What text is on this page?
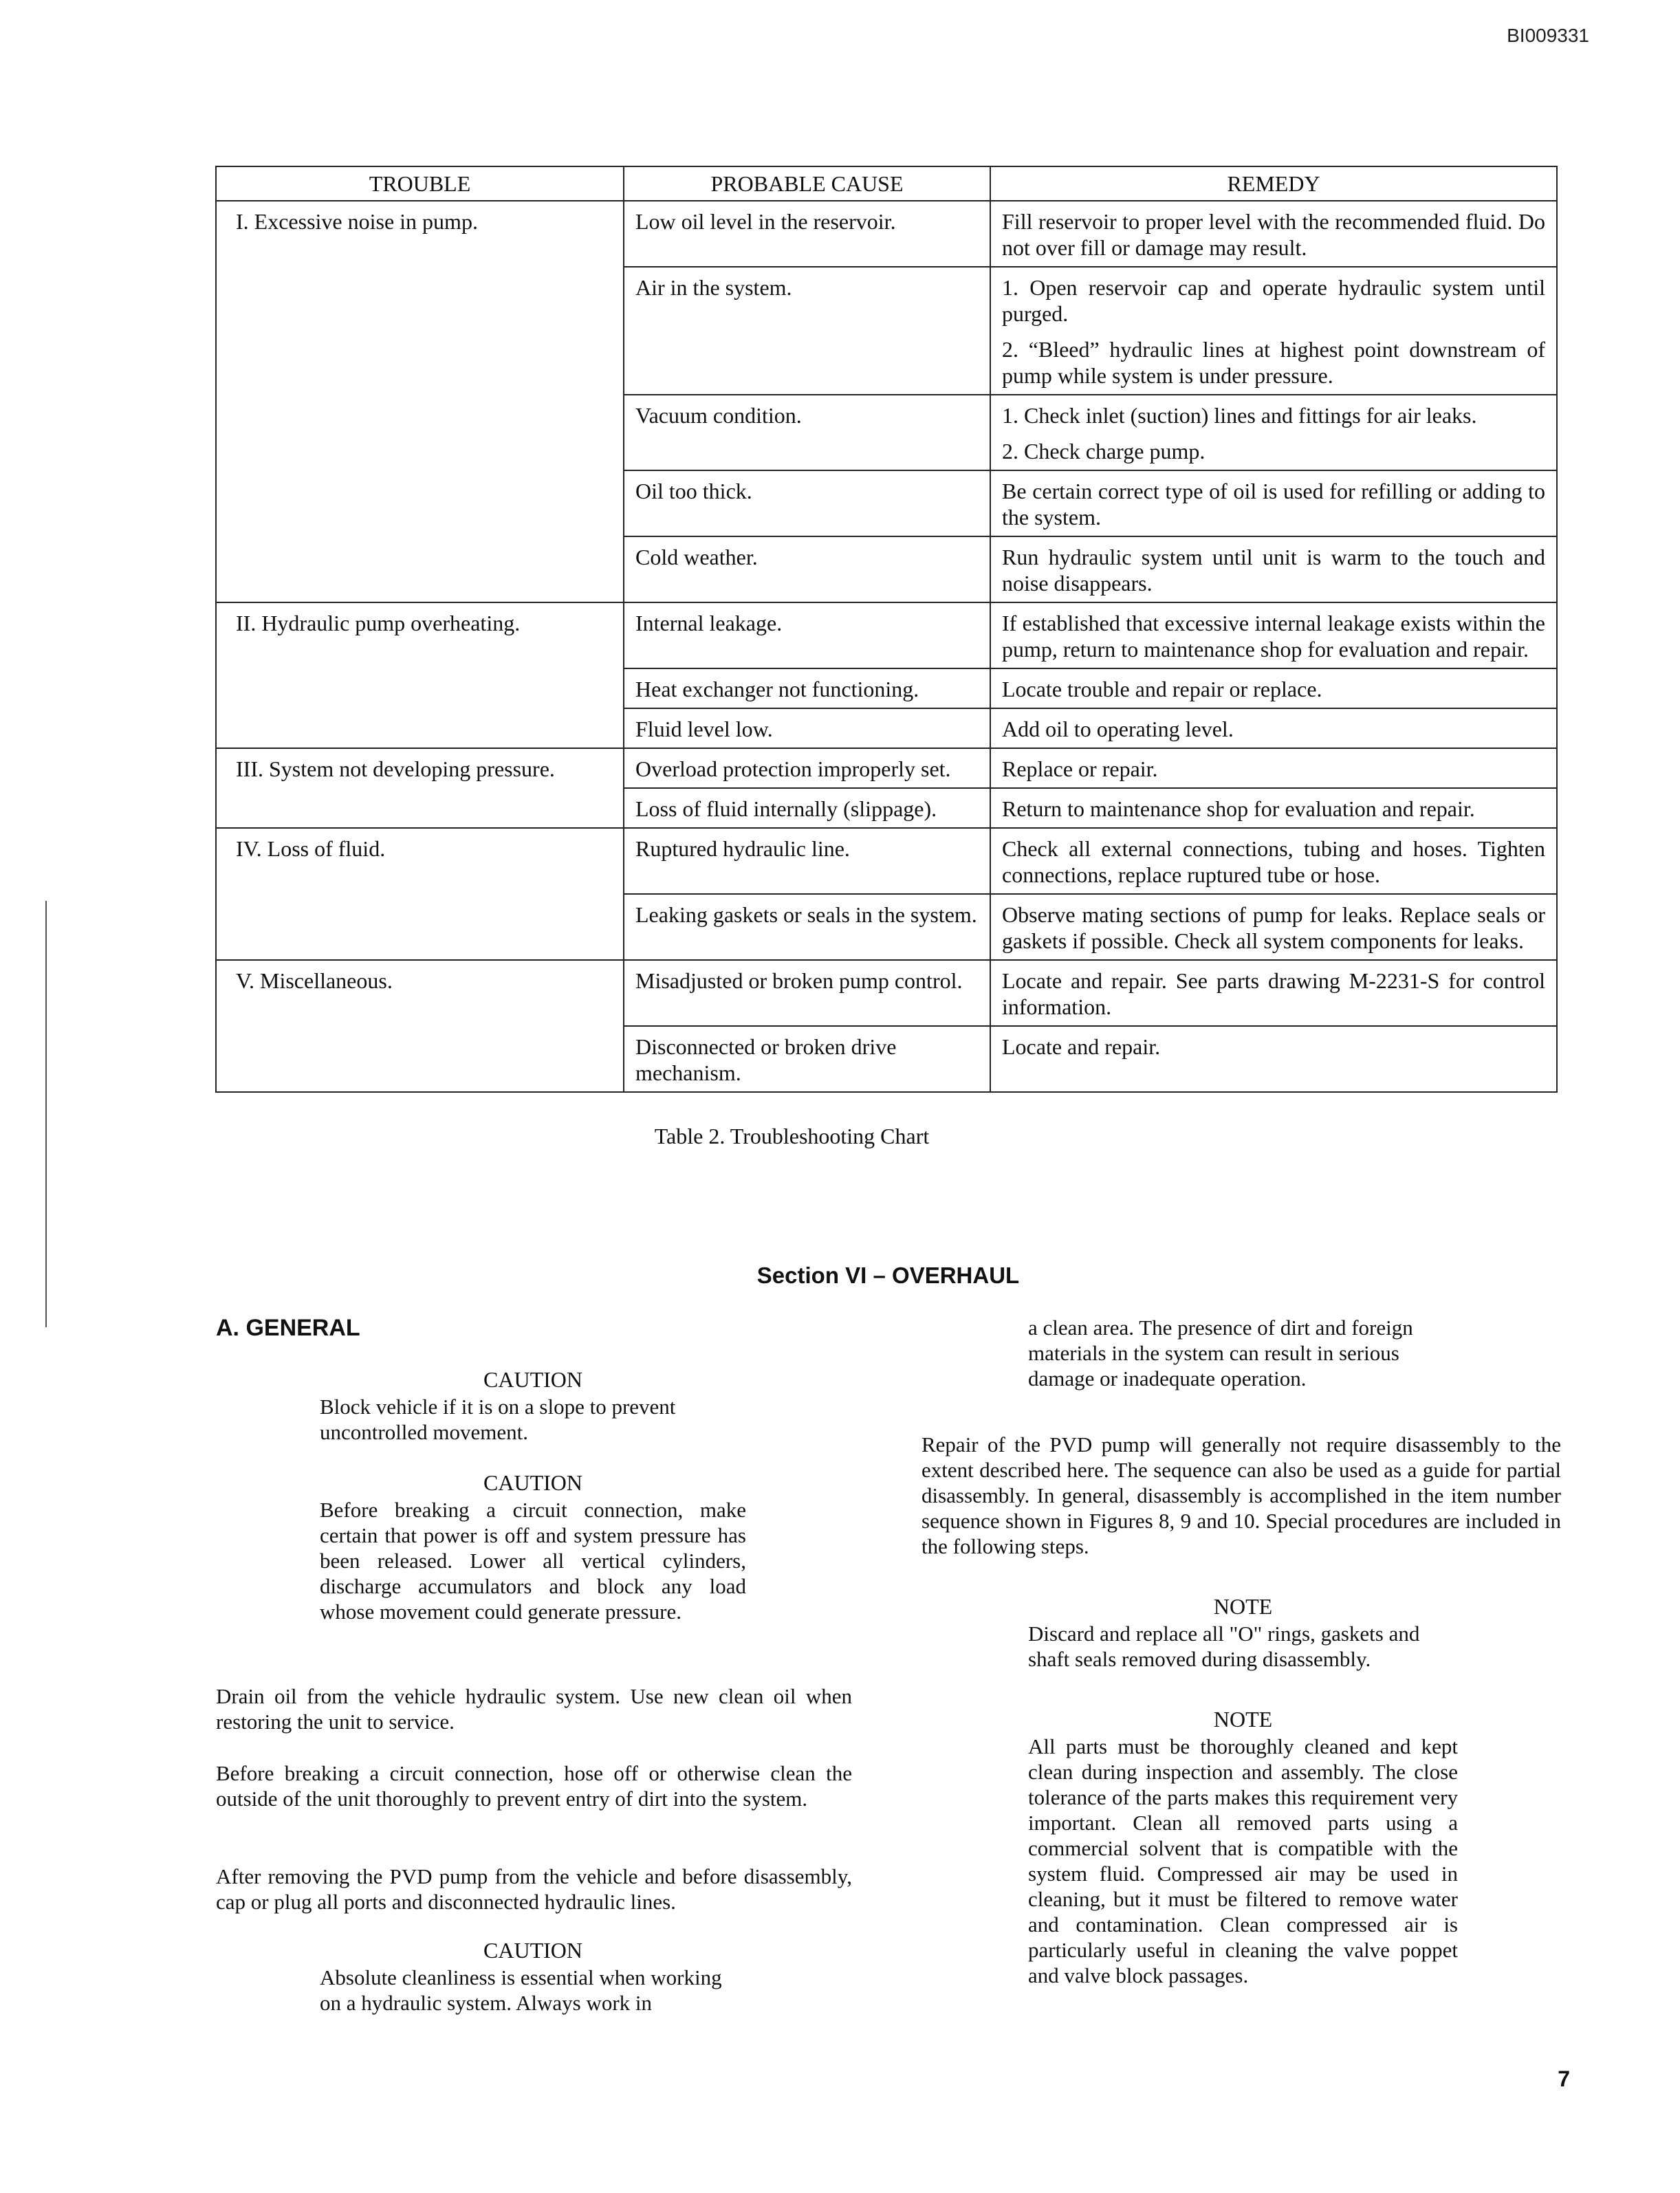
BI009331
TROUBLE	PROBABLE CAUSE	REMEDY
I. Excessive noise in pump.	Low oil level in the reservoir.	Fill reservoir to proper level with the recommended fluid. Do not over fill or damage may result.

	Air in the system.	1. Open reservoir cap and operate hydraulic system until purged.
2. “Bleed” hydraulic lines at highest point downstream of pump while system is under pressure.

	Vacuum condition.	1. Check inlet (suction) lines and fittings for air leaks.
2. Check charge pump.

	Oil too thick.	Be certain correct type of oil is used for refilling or adding to the system.

	Cold weather.	Run hydraulic system until unit is warm to the touch and noise disappears.

II. Hydraulic pump overheating.	Internal leakage.	If established that excessive internal leakage exists within the pump, return to maintenance shop for evaluation and repair.

	Heat exchanger not functioning.	Locate trouble and repair or replace.

	Fluid level low.	Add oil to operating level.

III. System not developing pressure.	Overload protection improperly set.	Replace or repair.

	Loss of fluid internally (slippage).	Return to maintenance shop for evaluation and repair.

IV. Loss of fluid.	Ruptured hydraulic line.	Check all external connections, tubing and hoses. Tighten connections, replace ruptured tube or hose.

	Leaking gaskets or seals in the system.	Observe mating sections of pump for leaks. Replace seals or gaskets if possible. Check all system components for leaks.

V. Miscellaneous.	Misadjusted or broken pump control.	Locate and repair. See parts drawing M-2231-S for control information.

	Disconnected or broken drive mechanism.	Locate and repair.
Table 2. Troubleshooting Chart
Section VI – OVERHAUL
A. GENERAL
CAUTION
Block vehicle if it is on a slope to prevent uncontrolled movement.
CAUTION
Before breaking a circuit connection, make certain that power is off and system pressure has been released. Lower all vertical cylinders, discharge accumulators and block any load whose movement could generate pressure.
Drain oil from the vehicle hydraulic system. Use new clean oil when restoring the unit to service.
Before breaking a circuit connection, hose off or otherwise clean the outside of the unit thoroughly to prevent entry of dirt into the system.
After removing the PVD pump from the vehicle and before disassembly, cap or plug all ports and disconnected hydraulic lines.
CAUTION
Absolute cleanliness is essential when working on a hydraulic system. Always work in
a clean area. The presence of dirt and foreign materials in the system can result in serious damage or inadequate operation.
Repair of the PVD pump will generally not require disassembly to the extent described here. The sequence can also be used as a guide for partial disassembly. In general, disassembly is accomplished in the item number sequence shown in Figures 8, 9 and 10. Special procedures are included in the following steps.
NOTE
Discard and replace all "O" rings, gaskets and shaft seals removed during disassembly.
NOTE
All parts must be thoroughly cleaned and kept clean during inspection and assembly. The close tolerance of the parts makes this requirement very important. Clean all removed parts using a commercial solvent that is compatible with the system fluid. Compressed air may be used in cleaning, but it must be filtered to remove water and contamination. Clean compressed air is particularly useful in cleaning the valve poppet and valve block passages.
7
